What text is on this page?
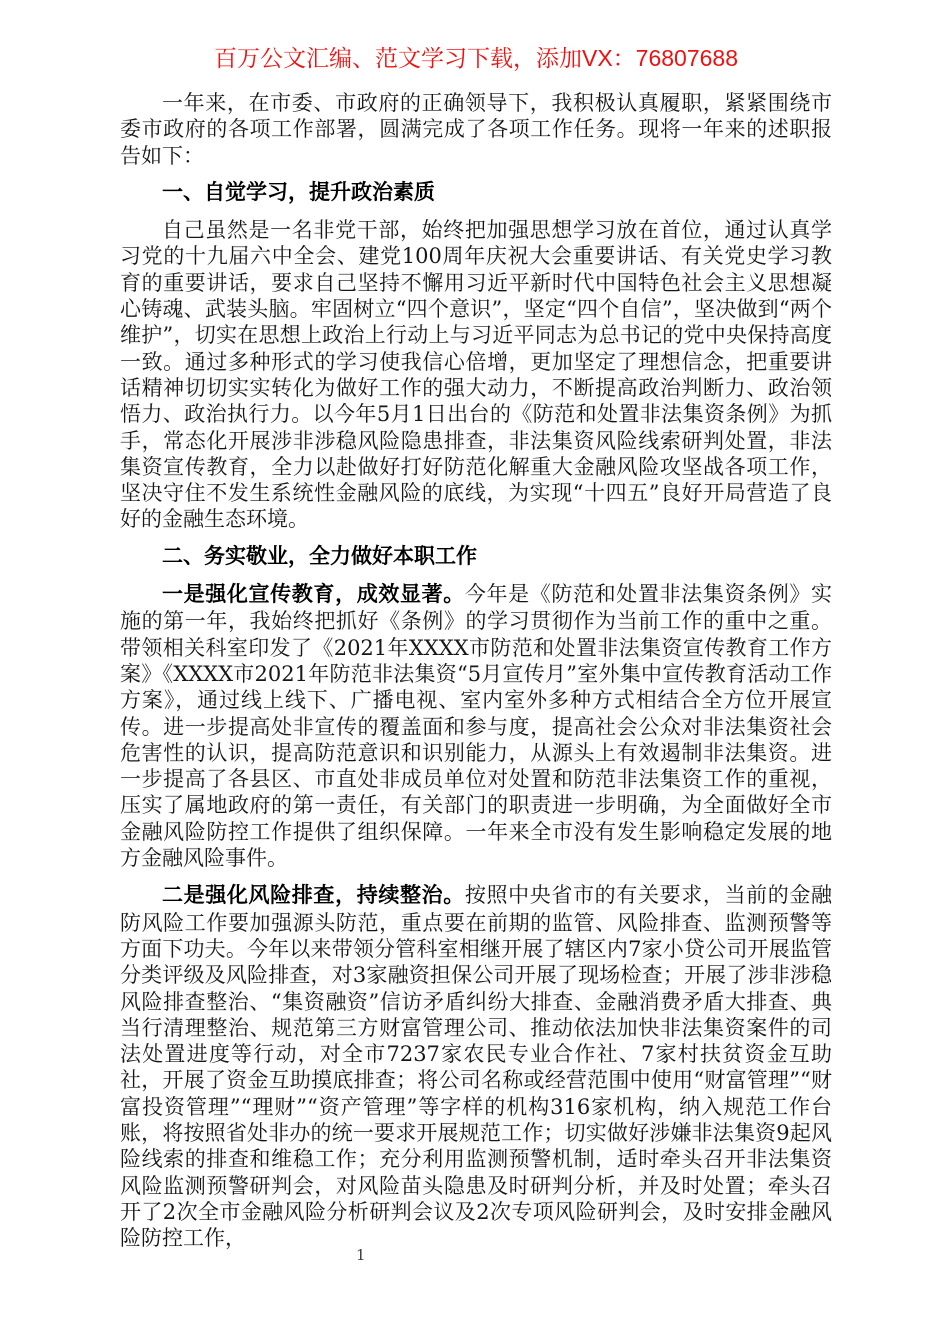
百万公文汇编、范文学习下载，添加VX：76807688

一年来，在市委、市政府的正确领导下，我积极认真履职，紧紧围绕市委市政府的各项工作部署，圆满完成了各项工作任务。现将一年来的述职报告如下：

一、自觉学习，提升政治素质

自己虽然是一名非党干部，始终把加强思想学习放在首位，通过认真学习党的十九届六中全会、建党100周年庆祝大会重要讲话、有关党史学习教育的重要讲话，要求自己坚持不懈用习近平新时代中国特色社会主义思想凝心铸魂、武装头脑。牢固树立“四个意识”，坚定“四个自信”，坚决做到“两个维护”，切实在思想上政治上行动上与习近平同志为总书记的党中央保持高度一致。通过多种形式的学习使我信心倍增，更加坚定了理想信念，把重要讲话精神切切实实转化为做好工作的强大动力，不断提高政治判断力、政治领悟力、政治执行力。以今年5月1日出台的《防范和处置非法集资条例》为抓手，常态化开展涉非涉稳风险隐患排查，非法集资风险线索研判处置，非法集资宣传教育，全力以赴做好打好防范化解重大金融风险攻坚战各项工作，坚决守住不发生系统性金融风险的底线，为实现“十四五”良好开局营造了良好的金融生态环境。

二、务实敬业，全力做好本职工作

一是强化宣传教育，成效显著。今年是《防范和处置非法集资条例》实施的第一年，我始终把抓好《条例》的学习贯彻作为当前工作的重中之重。带领相关科室印发了《2021年XXXX市防范和处置非法集资宣传教育工作方案》《XXXX市2021年防范非法集资“5月宣传月”室外集中宣传教育活动工作方案》，通过线上线下、广播电视、室内室外多种方式相结合全方位开展宣传。进一步提高处非宣传的覆盖面和参与度，提高社会公众对非法集资社会危害性的认识，提高防范意识和识别能力，从源头上有效遏制非法集资。进一步提高了各县区、市直处非成员单位对处置和防范非法集资工作的重视，压实了属地政府的第一责任，有关部门的职责进一步明确，为全面做好全市金融风险防控工作提供了组织保障。一年来全市没有发生影响稳定发展的地方金融风险事件。

二是强化风险排查，持续整治。按照中央省市的有关要求，当前的金融防风险工作要加强源头防范，重点要在前期的监管、风险排查、监测预警等方面下功夫。今年以来带领分管科室相继开展了辖区内7家小贷公司开展监管分类评级及风险排查，对3家融资担保公司开展了现场检查；开展了涉非涉稳风险排查整治、“集资融资”信访矛盾纠纷大排查、金融消费矛盾大排查、典当行清理整治、规范第三方财富管理公司、推动依法加快非法集资案件的司法处置进度等行动，对全市7237家农民专业合作社、7家村扶贫资金互助社，开展了资金互助摸底排查；将公司名称或经营范围中使用“财富管理”“财富投资管理”“理财”“资产管理”等字样的机构316家机构，纳入规范工作台账，将按照省处非办的统一要求开展规范工作；切实做好涉嫌非法集资9起风险线索的排查和维稳工作；充分利用监测预警机制，适时牵头召开非法集资风险监测预警研判会，对风险苗头隐患及时研判分析，并及时处置；牵头召开了2次全市金融风险分析研判会议及2次专项风险研判会，及时安排金融风险防控工作，

1
